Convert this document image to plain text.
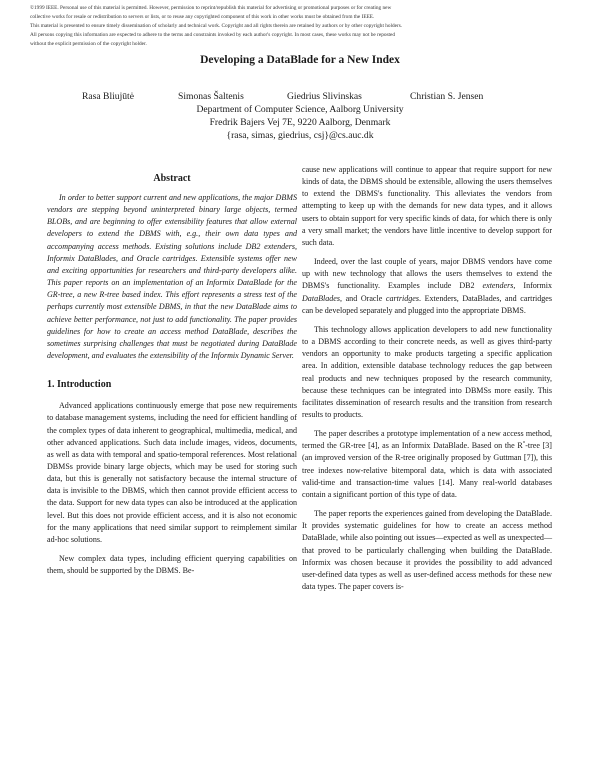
©1999 IEEE. Personal use of this material is permitted. However, permission to reprint/republish this material for advertising or promotional purposes or for creating new
collective works for resale or redistribution to servers or lists, or to reuse any copyrighted component of this work in other works must be obtained from the IEEE.
This material is presented to ensure timely dissemination of scholarly and technical work. Copyright and all rights therein are retained by authors or by other copyright holders.
All persons copying this information are expected to adhere to the terms and constraints invoked by each author's copyright. In most cases, these works may not be reposted
without the explicit permission of the copyright holder.
Developing a DataBlade for a New Index
Rasa Bliujūtė	Simonas Šaltenis	Giedrius Slivinskas	Christian S. Jensen
Department of Computer Science, Aalborg University
Fredrik Bajers Vej 7E, 9220 Aalborg, Denmark
{rasa, simas, giedrius, csj}@cs.auc.dk
Abstract

In order to better support current and new applications, the major DBMS vendors are stepping beyond uninterpreted binary large objects, termed BLOBs, and are beginning to offer extensibility features that allow external developers to extend the DBMS with, e.g., their own data types and accompanying access methods. Existing solutions include DB2 extenders, Informix DataBlades, and Oracle cartridges. Extensible systems offer new and exciting opportunities for researchers and third-party developers alike. This paper reports on an implementation of an Informix DataBlade for the GR-tree, a new R-tree based index. This effort represents a stress test of the perhaps currently most extensible DBMS, in that the new DataBlade aims to achieve better performance, not just to add functionality. The paper provides guidelines for how to create an access method DataBlade, describes the sometimes surprising challenges that must be negotiated during DataBlade development, and evaluates the extensibility of the Informix Dynamic Server.

1. Introduction

Advanced applications continuously emerge that pose new requirements to database management systems, including the need for efficient handling of the complex types of data inherent to geographical, multimedia, medical, and other advanced applications. Such data include images, videos, documents, as well as data with temporal and spatio-temporal references. Most relational DBMSs provide binary large objects, which may be used for storing such data, but this is generally not satisfactory because the internal structure of data is invisible to the DBMS, which then cannot provide efficient access to the data. Support for new data types can also be introduced at the application level. But this does not provide efficient access, and it is also not economic for the many applications that need similar support to reimplement similar ad-hoc solutions.

New complex data types, including efficient querying capabilities on them, should be supported by the DBMS. Be-

cause new applications will continue to appear that require support for new kinds of data, the DBMS should be extensible, allowing the users themselves to extend the DBMS's functionality. This alleviates the vendors from attempting to keep up with the demands for new data types, and it allows users to obtain support for very specific kinds of data, for which there is only a very small market; the vendors have little incentive to develop support for such data.

Indeed, over the last couple of years, major DBMS vendors have come up with new technology that allows the users themselves to extend the DBMS's functionality. Examples include DB2 extenders, Informix DataBlades, and Oracle cartridges. Extenders, DataBlades, and cartridges can be developed separately and plugged into the appropriate DBMS.

This technology allows application developers to add new functionality to a DBMS according to their concrete needs, as well as gives third-party vendors an opportunity to make products targeting a specific application area. In addition, extensible database technology reduces the gap between real products and new techniques proposed by the research community, because these techniques can be integrated into DBMSs more easily. This facilitates dissemination of research results and the transition from research results to products.

The paper describes a prototype implementation of a new access method, termed the GR-tree [4], as an Informix DataBlade. Based on the R*-tree [3] (an improved version of the R-tree originally proposed by Guttman [7]), this tree indexes now-relative bitemporal data, which is data with associated valid-time and transaction-time values [14]. Many real-world databases contain a significant portion of this type of data.

The paper reports the experiences gained from developing the DataBlade. It provides systematic guidelines for how to create an access method DataBlade, while also pointing out issues—expected as well as unexpected—that proved to be particularly challenging when building the DataBlade. Informix was chosen because it provides the possibility to add advanced user-defined data types as well as user-defined access methods for these new data types. The paper covers is-
